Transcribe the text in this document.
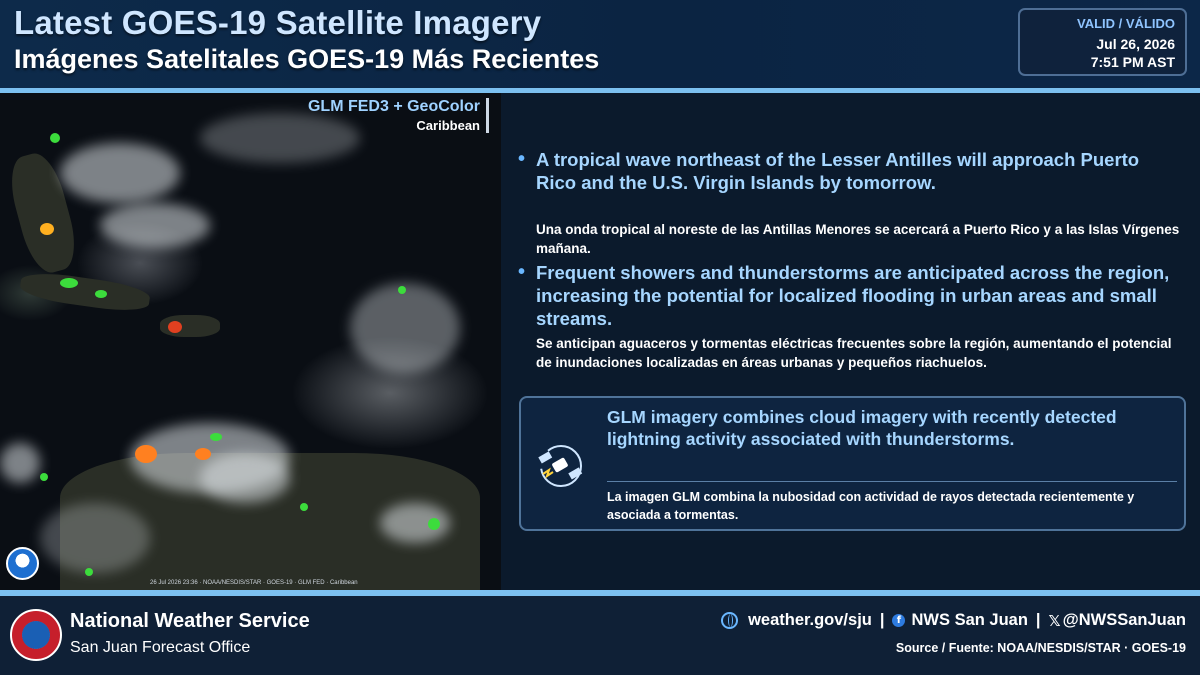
Latest GOES-19 Satellite Imagery
Imágenes Satelitales GOES-19 Más Recientes
VALID / VÁLIDO
Jul 26, 2026
7:51 PM AST
GLM FED3 + GeoColor
Caribbean
26 Jul 2026 23:36 · NOAA/NESDIS/STAR · GOES-19 · GLM FED · Caribbean
• A tropical wave northeast of the Lesser Antilles will approach Puerto Rico and the U.S. Virgin Islands by tomorrow.
Una onda tropical al noreste de las Antillas Menores se acercará a Puerto Rico y a las Islas Vírgenes mañana.
• Frequent showers and thunderstorms are anticipated across the region, increasing the potential for localized flooding in urban areas and small streams.
Se anticipan aguaceros y tormentas eléctricas frecuentes sobre la región, aumentando el potencial de inundaciones localizadas en áreas urbanas y pequeños riachuelos.
GLM imagery combines cloud imagery with recently detected lightning activity associated with thunderstorms.
La imagen GLM combina la nubosidad con actividad de rayos detectada recientemente y asociada a tormentas.
National Weather Service
San Juan Forecast Office
weather.gov/sju |	f NWS San Juan | 𝕏 @NWSSanJuan
Source / Fuente: NOAA/NESDIS/STAR · GOES-19
